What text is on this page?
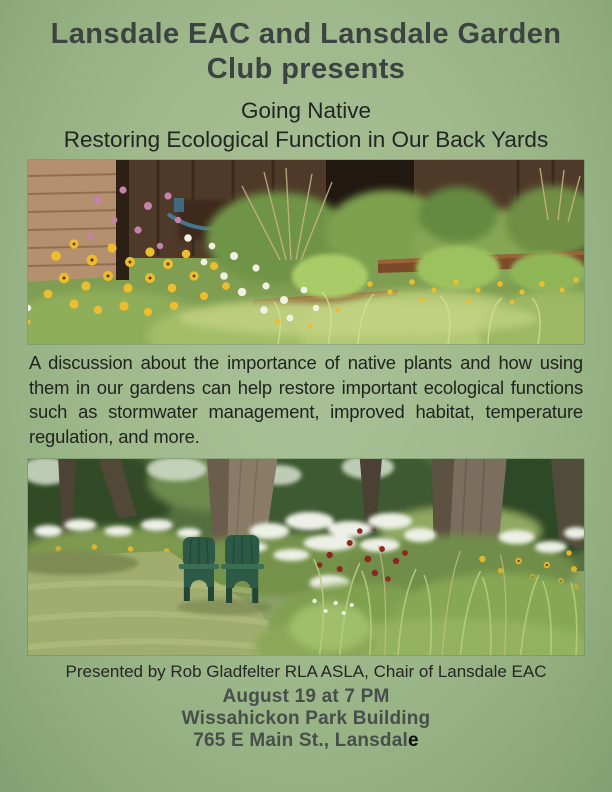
Lansdale EAC and Lansdale Garden
Club presents
Going Native
Restoring Ecological Function in Our Back Yards
A discussion about the importance of native plants and how using them in our gardens can help restore important ecological functions such as stormwater management, improved habitat, temperature regulation, and more.
Presented by Rob Gladfelter RLA ASLA, Chair of Lansdale EAC
August 19 at 7 PM
Wissahickon Park Building
765 E Main St., Lansdale
